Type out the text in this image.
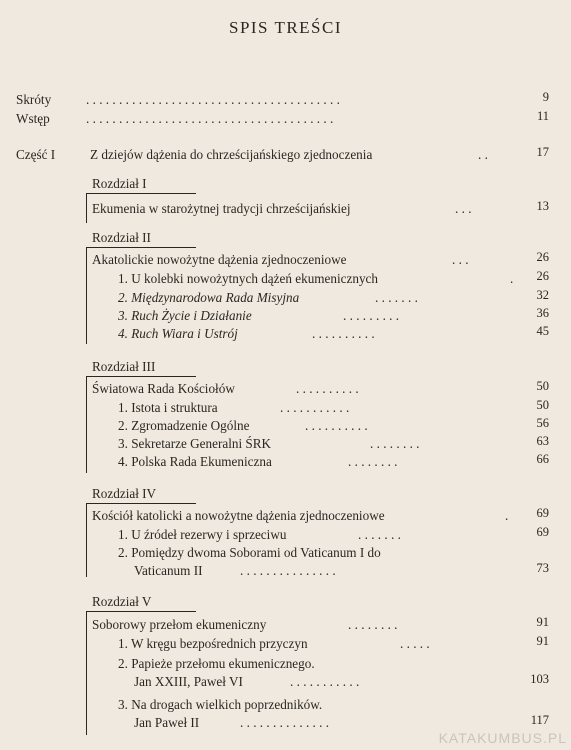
SPIS TREŚCI
Skróty	. . . . . . . . . . . . . . . . . . . . . . . . . . . . . . . . . . . . . . .	9
Wstęp	. . . . . . . . . . . . . . . . . . . . . . . . . . . . . . . . . . . . . .	11
Część I	Z dziejów dążenia do chrześcijańskiego zjednoczenia	. .	17
Rozdział I
Ekumenia w starożytnej tradycji chrześcijańskiej	. . .	13
Rozdział II
Akatolickie nowożytne dążenia zjednoczeniowe	. . .	26
1. U kolebki nowożytnych dążeń ekumenicznych	. 26
2. Międzynarodowa Rada Misyjna	. . . . . . .	32
3. Ruch Życie i Działanie	. . . . . . . . .	36
4. Ruch Wiara i Ustrój	. . . . . . . . . .	45
Rozdział III
Światowa Rada Kościołów	. . . . . . . . . .	50
1. Istota i struktura	. . . . . . . . . . .	50
2. Zgromadzenie Ogólne	. . . . . . . . . .	56
3. Sekretarze Generalni ŚRK	. . . . . . . .	63
4. Polska Rada Ekumeniczna	. . . . . . . .	66
Rozdział IV
Kościół katolicki a nowożytne dążenia zjednoczeniowe	. 69
1. U źródeł rezerwy i sprzeciwu	. . . . . . .	69
2. Pomiędzy dwoma Soborami od Vaticanum I do
Vaticanum II	. . . . . . . . . . . . . . .	73
Rozdział V
Soborowy przełom ekumeniczny	. . . . . . . .	91
1. W kręgu bezpośrednich przyczyn	. . . . .	91
2. Papieże przełomu ekumenicznego.
Jan XXIII, Paweł VI	. . . . . . . . . . .	103
3. Na drogach wielkich poprzedników.
Jan Paweł II	. . . . . . . . . . . . . .	117
KATAKUMBUS.PL
